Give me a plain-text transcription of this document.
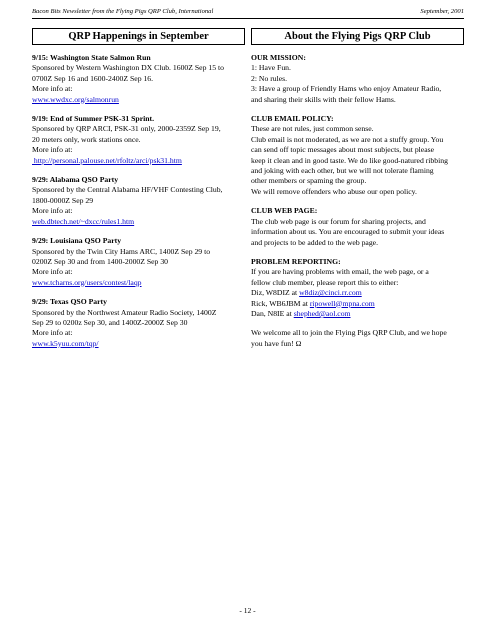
Bacon Bits Newsletter from the Flying Pigs QRP Club, International	September, 2001
QRP Happenings in September

9/15: Washington State Salmon Run

Sponsored by Western Washington DX Club. 1600Z Sep 15 to

0700Z Sep 16 and 1600-2400Z Sep 16.

More info at:

www.wwdxc.org/salmonrun

9/19: End of Summer PSK-31 Sprint.

Sponsored by QRP ARCI, PSK-31 only, 2000-2359Z Sep 19,

20 meters only, work stations once.

More info at:

http://personal.palouse.net/rfoltz/arci/psk31.htm

9/29: Alabama QSO Party

Sponsored by the Central Alabama HF/VHF Contesting Club,

1800-0000Z Sep 29

More info at:

web.dbtech.net/~dxcc/rules1.htm

9/29: Louisiana QSO Party

Sponsored by the Twin City Hams ARC, 1400Z Sep 29 to

0200Z Sep 30 and from 1400-2000Z Sep 30

More info at:

www.tcharns.org/users/contest/laqp

9/29: Texas QSO Party

Sponsored by the Northwest Amateur Radio Society, 1400Z

Sep 29 to 0200z Sep 30, and 1400Z-2000Z Sep 30

More info at:

www.k5yuu.com/tqp/

About the Flying Pigs QRP Club

OUR MISSION:

1: Have Fun.

2: No rules.

3: Have a group of Friendly Hams who enjoy Amateur Radio,

and sharing their skills with their fellow Hams.

CLUB EMAIL POLICY:

These are not rules, just common sense.

Club email is not moderated, as we are not a stuffy group. You

can send off topic messages about most subjects, but please

keep it clean and in good taste. We do like good-natured ribbing

and joking with each other, but we will not tolerate flaming

other members or spaming the group.

We will remove offenders who abuse our open policy.

CLUB WEB PAGE:

The club web page is our forum for sharing projects, and

information about us. You are encouraged to submit your ideas

and projects to be added to the web page.

PROBLEM REPORTING:

If you are having problems with email, the web page, or a

fellow club member, please report this to either:

Diz, W8DIZ at w8diz@cinci.rr.com

Rick, WB6JBM at ripowell@mpna.com

Dan, N8IE at shephed@aol.com

We welcome all to join the Flying Pigs QRP Club, and we hope

you have fun! Ω

- 12 -
